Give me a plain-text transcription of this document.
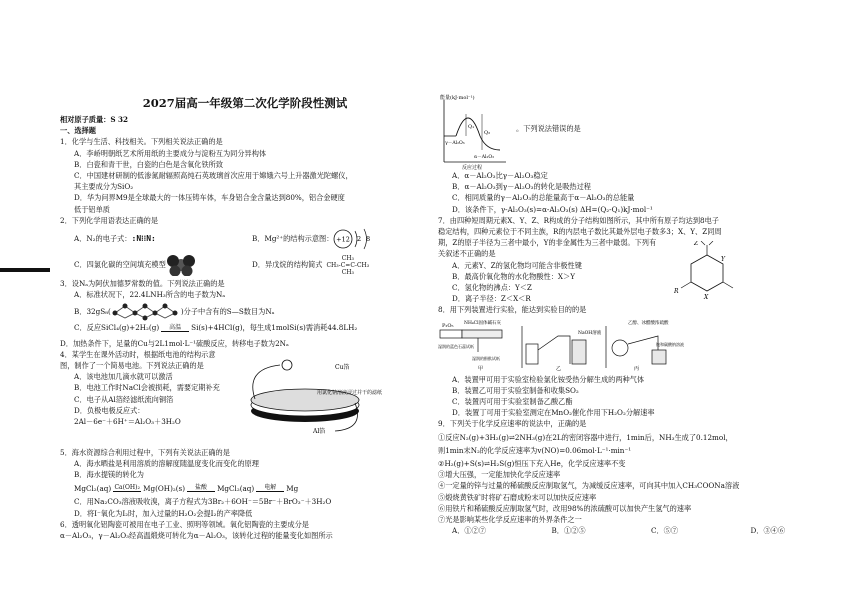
2027届高一年级第二次化学阶段性测试
相对原子质量：S 32
一、选择题
1．化学与生活、科技相关。下列相关说法正确的是
A．李峤明朝纸艺术所用纸的主要成分与淀粉互为同分异构体
B．白瓷和青干世，白瓷的白色是含氧化铁所致
C．中国建材研制的低渗氮耐辐照高纯石英玻璃首次应用于嫦娥六号上升器激光陀螺仪，
其主要成分为SiO₂
D．华为问界M9是全球最大的一体压铸车体，车身铝合金含量达到80%，铝合金硬度
低于铝单质
2．下列化学用语表达正确的是
A．N₂的电子式：:N⁝⁝N:	B．Mg²⁺的结构示意图： +12 2 8
C．四氯化碳的空间填充模型	D．异戊烷的结构简式
CH₃
CH₃-C=C-CH₃
CH₃
3．设Nₐ为阿伏加德罗常数的值。下列说法正确的是
A．标准状况下，22.4LNH₃所含的电子数为Nₐ
B． 32gS₈(	)分子中含有的S—S数目为Nₐ
C．反应SiCl₄(g)+2H₂(g)	高温	Si(s)+4HCl(g)，每生成1molSi(s)需消耗44.8LH₂
D．加热条件下，足量的Cu与2L1mol·L⁻¹硫酸反应，转移电子数为2Nₐ
4．某学生在课外活动时，根据纸电池的结构示意
图，制作了一个简易电池。下列说法正确的是
A．该电池加几滴水就可以激活
B．电池工作时NaCl会被损耗，需要定期补充
C．电子从Al箔经滤纸流向铜箔
D．负极电极反应式：
2Al－6e⁻＋6H⁺＝Al₂O₃＋3H₂O
Cu箔
用氯化钠溶液浸过并干的滤纸
Al箔
5．海水资源综合利用过程中，下列有关说法正确的是
A．海水晒盐是利用溶质的溶解度随温度变化而变化的原理
B．海水提镁的转化为
MgCl₂(aq) Ca(OH)₂ Mg(OH)₂(s)	盐酸	MgCl₂(aq)	电解	Mg
C．用Na₂CO₃溶液吸收溴，离子方程式为3Br₂＋6OH⁻＝5Br⁻＋BrO₃⁻＋3H₂O
D．将I⁻氧化为I₂时，加入过量的H₂O₂会提I₂的产率降低
6．透明氧化铝陶瓷可被用在电子工业、照明等领域。氧化铝陶瓷的主要成分是
α－Al₂O₃，γ－Al₂O₃经高温煅烧可转化为α－Al₂O₃，该转化过程的能量变化如图所示
能量(kJ·mol⁻¹)
Q₁
Q₂
γ－Al₂O₃
α－Al₂O₃
反应过程
。下列说法错误的是
A．α－Al₂O₃比γ－Al₂O₃稳定
B．α－Al₂O₃到γ－Al₂O₃的转化是吸热过程
C．相同质量的γ－Al₂O₃的总能量高于α－Al₂O₃的总能量
D．该条件下，γ-Al₂O₃(s)=α-Al₂O₃(s) ΔH=(Q₂-Q₁)kJ·mol⁻¹
7．由四种短周期元素X、Y、Z、R构成的分子结构如图所示，其中所有原子均达到8电子
稳定结构，四种元素位于不同主族，R的内层电子数比其最外层电子数多3；X、Y、Z同周
期，Z的原子半径为三者中最小，Y的非金属性为三者中最弱。下列有
关叙述不正确的是
A．元素Y、Z的氢化物均可能含非极性键
B．最高价氧化物的水化物酸性：X＞Y
C．氢化物的沸点：Y＜Z
D．离子半径：Z＜X＜R
Z
Y
X
R
8．用下列装置进行实验，能达到实验目的的是
P₂O₅ NH₄Cl固体碱石灰
湿润的蓝色石蕊试纸
湿润的酚酞试纸
甲
NaOH溶液
乙
乙醇、冰醋酸浓硫酸
饱和碳酸钠溶液
丙
A．装置甲可用于实验室检验氯化铵受热分解生成的两种气体
B．装置乙可用于实验室制备和收集SO₂
C．装置丙可用于实验室制备乙酸乙酯
D．装置丁可用于实验室测定在MnO₂催化作用下H₂O₂分解速率
9．下列关于化学反应速率的说法中，正确的是
①反应N₂(g)+3H₂(g)⇌2NH₃(g)在2L的密闭容器中进行，1min后，NH₃生成了0.12mol，
则1min末N₂的化学反应速率为v(NO)=0.06mol·L⁻¹·min⁻¹
②H₂(g)+S(s)⇌H₂S(g)恒压下充入He，化学反应速率不变
③增大压强，一定能加快化学反应速率
④一定量的锌与过量的稀硫酸反应制取氢气，为减缓反应速率，可向其中加入CH₃COONa溶液
⑤煅烧黄铁矿时将矿石磨成粉末可以加快反应速率
⑥用铁片和稀硫酸反应制取氢气时，改用98%的浓硫酸可以加快产生氢气的速率
⑦光是影响某些化学反应速率的外界条件之一
A．①②⑦	B．①②⑤	C．⑤⑦	D．③④⑥
